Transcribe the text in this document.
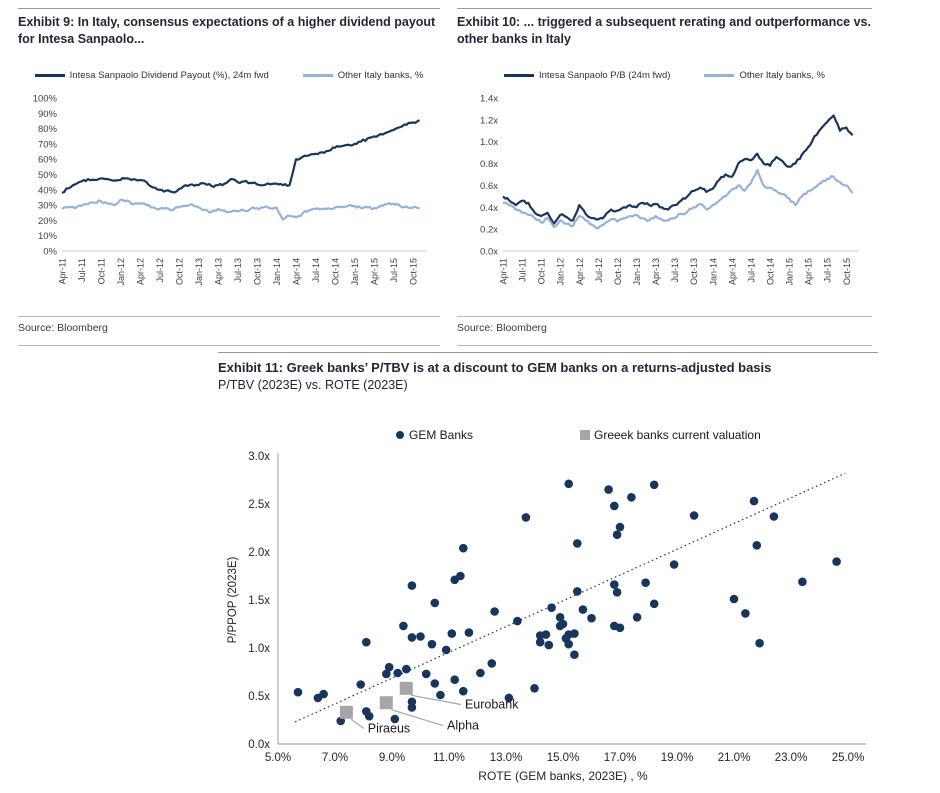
Exhibit 9: In Italy, consensus expectations of a higher dividend payout for Intesa Sanpaolo...
Intesa Sanpaolo Dividend Payout (%), 24m fwd	Other Italy banks, %
0%
10%
20%
30%
40%
50%
60%
70%
80%
90%
100%
Apr-11 Jul-11 Oct-11 Jan-12 Apr-12 Jul-12 Oct-12 Jan-13 Apr-13 Jul-13 Oct-13 Jan-14 Apr-14 Jul-14 Oct-14 Jan-15 Apr-15 Jul-15 Oct-15
Source: Bloomberg
Exhibit 10: ... triggered a subsequent rerating and outperformance vs. other banks in Italy
Intesa Sanpaolo P/B (24m fwd)	Other Italy banks, %
0.0x
0.2x
0.4x
0.6x
0.8x
1.0x
1.2x
1.4x
Apr-11 Jul-11 Oct-11 Jan-12 Apr-12 Jul-12 Oct-12 Jan-13 Apr-13 Jul-13 Oct-13 Jan-14 Apr-14 Jul-14 Oct-14 Jan-15 Apr-15 Jul-15 Oct-15
Source: Bloomberg
Exhibit 11: Greek banks’ P/TBV is at a discount to GEM banks on a returns-adjusted basis
P/TBV (2023E) vs. ROTE (2023E)
GEM Banks	Greeek banks current valuation
0.0x
0.5x
1.0x
1.5x
2.0x
2.5x
3.0x
5.0%	7.0%	9.0% 11.0% 13.0% 15.0% 17.0% 19.0% 21.0% 23.0% 25.0%
ROTE (GEM banks, 2023E) , %
P/PPOP (2023E)
Piraeus	Alpha
Eurobank
